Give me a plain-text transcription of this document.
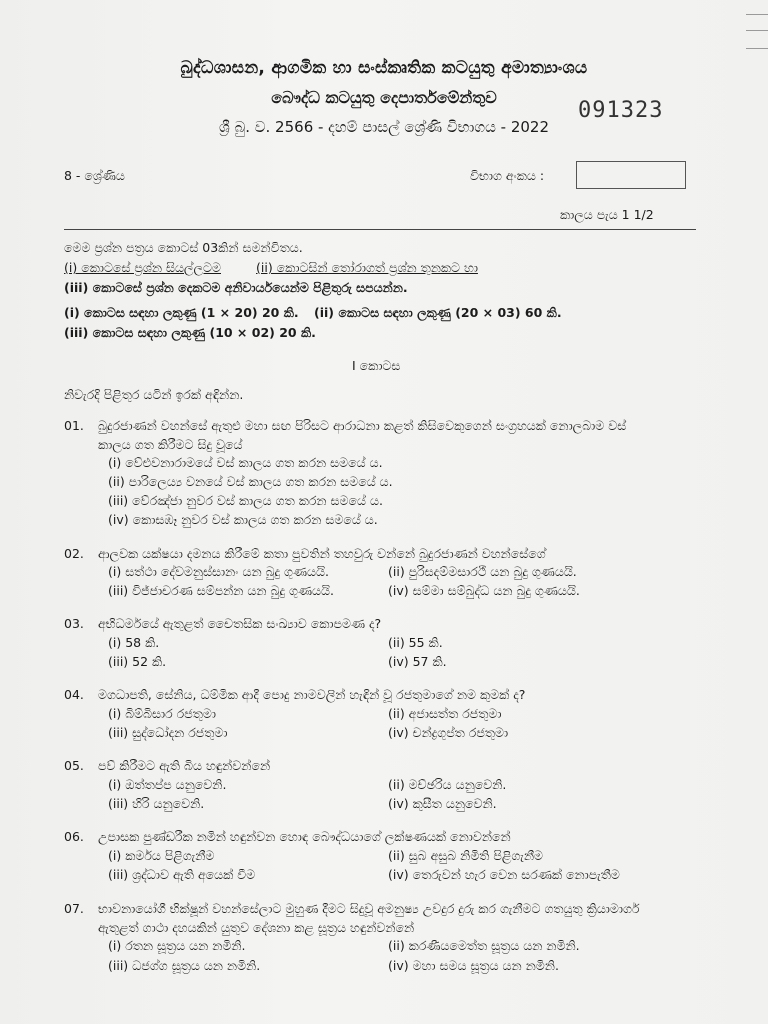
බුද්ධශාසන, ආගමික හා සංස්කෘතික කටයුතු අමාත්‍යාංශය
බෞද්ධ කටයුතු දෙපාර්තමේන්තුව
ශ්‍රී බු. ව. 2566 - දහම් පාසල් ශ්‍රේණි විභාගය - 2022
091323
8 - ශ්‍රේණිය	විභාග අංකය :
කාලය පැය 1 1/2
මෙම ප්‍රශ්න පත්‍රය කොටස් 03කින් සමන්විතය.
(i) කොටසේ ප්‍රශ්න සියල්ලටම	(ii) කොටසින් තෝරාගත් ප්‍රශ්න තුනකට හා
(iii) කොටසේ ප්‍රශ්න දෙකටම අනිවාර්යයෙන්ම පිළිතුරු සපයන්න.
(i) කොටස සඳහා ලකුණු (1 × 20) 20 කි. (ii) කොටස සඳහා ලකුණු (20 × 03) 60 කි.
(iii) කොටස සඳහා ලකුණු (10 × 02) 20 කි.
I කොටස
නිවැරදි පිළිතුර යටින් ඉරක් අඳින්න.
01. බුදුරජාණන් වහන්සේ ඇතුළු මහා සඟ පිරිසට ආරාධනා කළත් කිසිවෙකුගෙන් සංග්‍රහයක් නොලබාම වස්
කාලය ගත කිරීමට සිදු වූයේ
(i) වේළුවනාරාමයේ වස් කාලය ගත කරන සමයේ ය.
(ii) පාරිලෙය්‍ය වනයේ වස් කාලය ගත කරන සමයේ ය.
(iii) වේරඤ්ජා නුවර වස් කාලය ගත කරන සමයේ ය.
(iv) කොසඹෑ නුවර වස් කාලය ගත කරන සමයේ ය.
02. ආලවක යක්ෂයා දමනය කිරීමේ කතා පුවතින් තහවුරු වන්නේ බුදුරජාණන් වහන්සේගේ
(i) සත්ථා දේවමනුස්සානං යන බුදු ගුණයයි.	(ii) පුරිසදම්මසාරථී යන බුදු ගුණයයි.
(iii) විජ්ජාචරණ සම්පන්න යන බුදු ගුණයයි.	(iv) සම්මා සම්බුද්ධ යන බුදු ගුණයයි.
03. අභිධර්මයේ ඇතුළත් චෛතසික සංඛ්‍යාව කොපමණ ද?
(i) 58 කි.	(ii) 55 කි.
(iii) 52 කි.	(iv) 57 කි.
04. මගධාපති, සේනිය, ධම්මික ආදී පොදු නාමවලින් හැඳින් වූ රජතුමාගේ නම කුමක් ද?
(i) බිම්බිසාර රජතුමා	(ii) අජාසත්ත රජතුමා
(iii) සුද්ධෝදන රජතුමා	(iv) චන්ද්‍රගුප්ත රජතුමා
05. පව් කිරීමට ඇති බිය හඳුන්වන්නේ
(i) ඔත්තප්ප යනුවෙනි.	(ii) මච්ඡරිය යනුවෙනි.
(iii) හිරි යනුවෙනි.	(iv) කුසීත යනුවෙනි.
06. උපාසක පුණ්ඩරීක නමින් හඳුන්වන හොඳ බෞද්ධයාගේ ලක්ෂණයක් නොවන්නේ
(i) කර්මය පිළිගැනීම	(ii) සුබ අසුබ නිමිති පිළිගැනීම
(iii) ශ්‍රද්ධාව ඇති අයෙක් වීම	(iv) තෙරුවන් හැර වෙන සරණක් නොපැතීම
07. භාවනායෝගී භික්ෂූන් වහන්සේලාට මුහුණ දීමට සිදුවූ අමනුෂ්‍ය උවදුර දුරු කර ගැනීමට ගතයුතු ක්‍රියාමාර්ග
ඇතුළත් ගාථා දහයකින් යුතුව දේශනා කළ සූත්‍රය හඳුන්වන්නේ
(i) රතන සූත්‍රය යන නමිනි.	(ii) කරණීයමෙත්ත සූත්‍රය යන නමිනි.
(iii) ධජග්ග සූත්‍රය යන නමිනි.	(iv) මහා සමය සූත්‍රය යන නමිනි.
